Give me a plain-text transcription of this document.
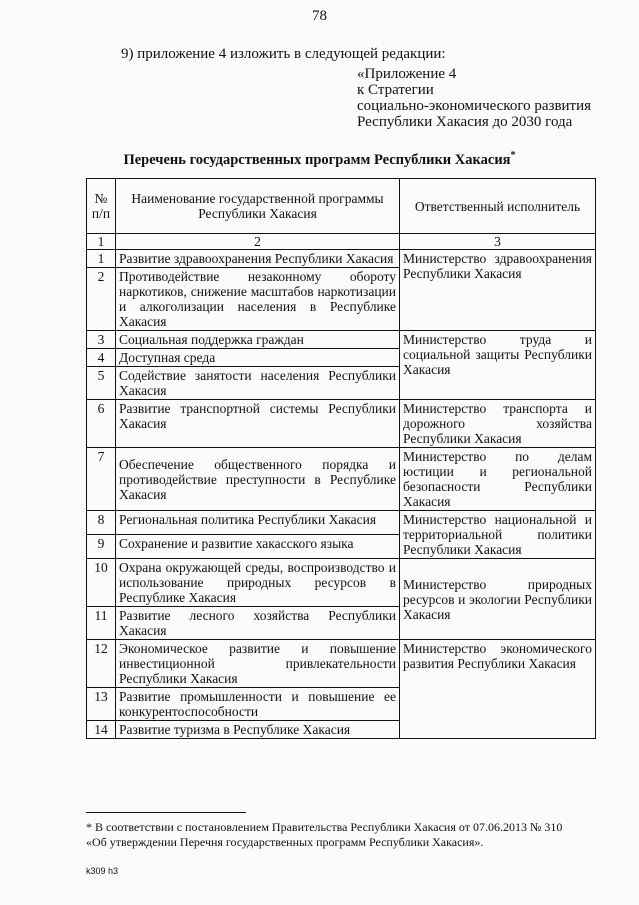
78
9) приложение 4 изложить в следующей редакции:
«Приложение 4
к Стратегии
социально-экономического развития
Республики Хакасия до 2030 года
Перечень государственных программ Республики Хакасия*
№ п/п	Наименование государственной программы Республики Хакасия	Ответственный исполнитель
1	2	3
1	Развитие здравоохранения Республики Хакасия	Министерство здравоохранения Республики Хакасия
2	Противодействие незаконному обороту наркотиков, снижение масштабов наркотизации и алкоголизации населения в Республике Хакасия	
3	Социальная поддержка граждан	Министерство труда и социальной защиты Республики Хакасия
4	Доступная среда	
5	Содействие занятости населения Республики Хакасия	
6	Развитие транспортной системы Республики Хакасия	Министерство транспорта и дорожного хозяйства Республики Хакасия
7	Обеспечение общественного порядка и противодействие преступности в Республике Хакасия	Министерство по делам юстиции и региональной безопасности Республики Хакасия
8	Региональная политика Республики Хакасия	Министерство национальной и территориальной политики Республики Хакасия
9	Сохранение и развитие хакасского языка	
10	Охрана окружающей среды, воспроизводство и использование природных ресурсов в Республике Хакасия	Министерство природных ресурсов и экологии Республики Хакасия
11	Развитие лесного хозяйства Республики Хакасия	
12	Экономическое развитие и повышение инвестиционной привлекательности Республики Хакасия	Министерство экономического развития Республики Хакасия
13	Развитие промышленности и повышение ее конкурентоспособности	
14	Развитие туризма в Республике Хакасия	
* В соответствии с постановлением Правительства Республики Хакасия от 07.06.2013 № 310
«Об утверждении Перечня государственных программ Республики Хакасия».
k309 h3
